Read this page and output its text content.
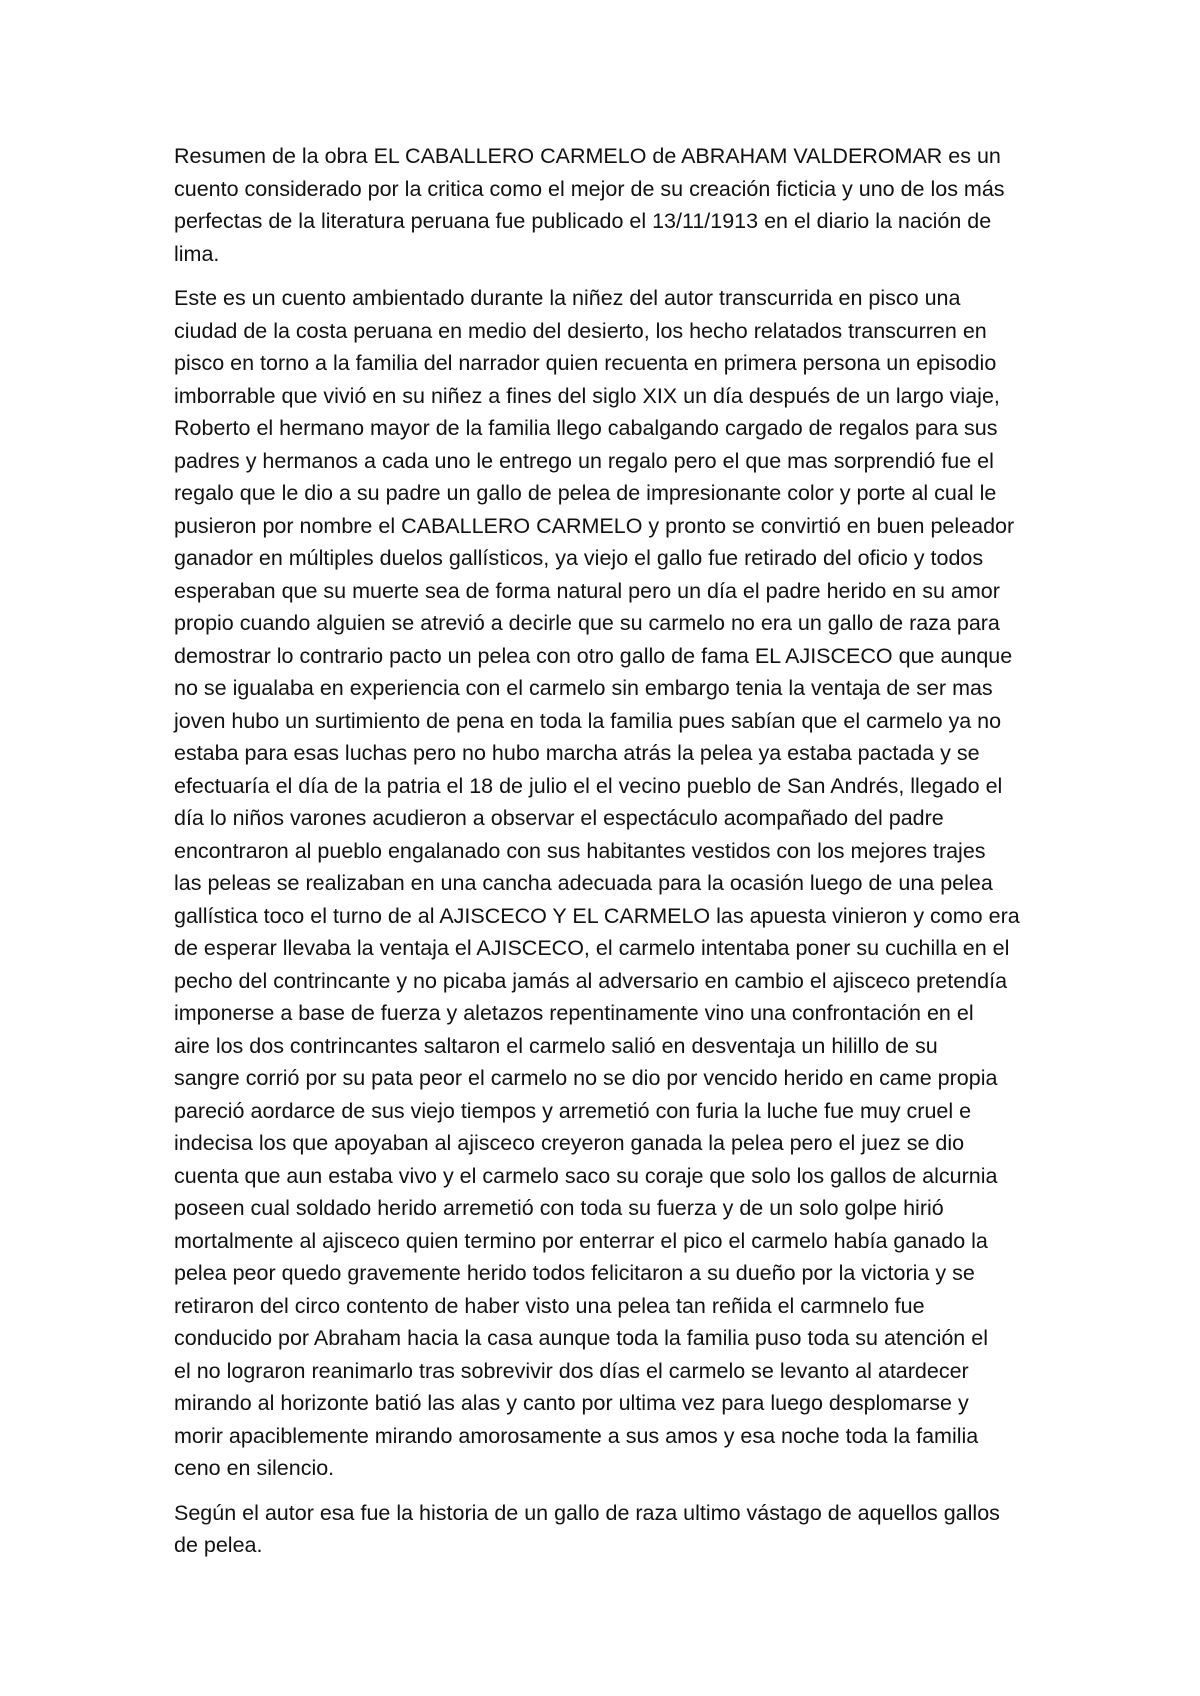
Resumen de la obra EL CABALLERO CARMELO de ABRAHAM VALDEROMAR es un
cuento considerado por la critica como el mejor de su creación ficticia y uno de los más
perfectas de la literatura peruana fue publicado el 13/11/1913 en el diario la nación de
lima.

Este es un cuento ambientado durante la niñez del autor transcurrida en pisco una
ciudad de la costa peruana en medio del desierto, los hecho relatados transcurren en
pisco en torno a la familia del narrador quien recuenta en primera persona un episodio
imborrable que vivió en su niñez a fines del siglo XIX un día después de un largo viaje,
Roberto el hermano mayor de la familia llego cabalgando cargado de regalos para sus
padres y hermanos a cada uno le entrego un regalo pero el que mas sorprendió fue el
regalo que le dio a su padre un gallo de pelea de impresionante color y porte al cual le
pusieron por nombre el CABALLERO CARMELO y pronto se convirtió en buen peleador
ganador en múltiples duelos gallísticos, ya viejo el gallo fue retirado del oficio y todos
esperaban que su muerte sea de forma natural pero un día el padre herido en su amor
propio cuando alguien se atrevió a decirle que su carmelo no era un gallo de raza para
demostrar lo contrario pacto un pelea con otro gallo de fama EL AJISCECO que aunque
no se igualaba en experiencia con el carmelo sin embargo tenia la ventaja de ser mas
joven hubo un surtimiento de pena en toda la familia pues sabían que el carmelo ya no
estaba para esas luchas pero no hubo marcha atrás la pelea ya estaba pactada y se
efectuaría el día de la patria el 18 de julio el el vecino pueblo de San Andrés, llegado el
día lo niños varones acudieron a observar el espectáculo acompañado del padre
encontraron al pueblo engalanado con sus habitantes vestidos con los mejores trajes
las peleas se realizaban en una cancha adecuada para la ocasión luego de una pelea
gallística toco el turno de al AJISCECO Y EL CARMELO las apuesta vinieron y como era
de esperar llevaba la ventaja el AJISCECO, el carmelo intentaba poner su cuchilla en el
pecho del contrincante y no picaba jamás al adversario en cambio el ajisceco pretendía
imponerse a base de fuerza y aletazos repentinamente vino una confrontación en el
aire los dos contrincantes saltaron el carmelo salió en desventaja un hilillo de su
sangre corrió por su pata peor el carmelo no se dio por vencido herido en came propia
pareció aordarce de sus viejo tiempos y arremetió con furia la luche fue muy cruel e
indecisa los que apoyaban al ajisceco creyeron ganada la pelea pero el juez se dio
cuenta que aun estaba vivo y el carmelo saco su coraje que solo los gallos de alcurnia
poseen cual soldado herido arremetió con toda su fuerza y de un solo golpe hirió
mortalmente al ajisceco quien termino por enterrar el pico el carmelo había ganado la
pelea peor quedo gravemente herido todos felicitaron a su dueño por la victoria y se
retiraron del circo contento de haber visto una pelea tan reñida el carmnelo fue
conducido por Abraham hacia la casa aunque toda la familia puso toda su atención el
el no lograron reanimarlo tras sobrevivir dos días el carmelo se levanto al atardecer
mirando al horizonte batió las alas y canto por ultima vez para luego desplomarse y
morir apaciblemente mirando amorosamente a sus amos y esa noche toda la familia
ceno en silencio.

Según el autor esa fue la historia de un gallo de raza ultimo vástago de aquellos gallos
de pelea.
